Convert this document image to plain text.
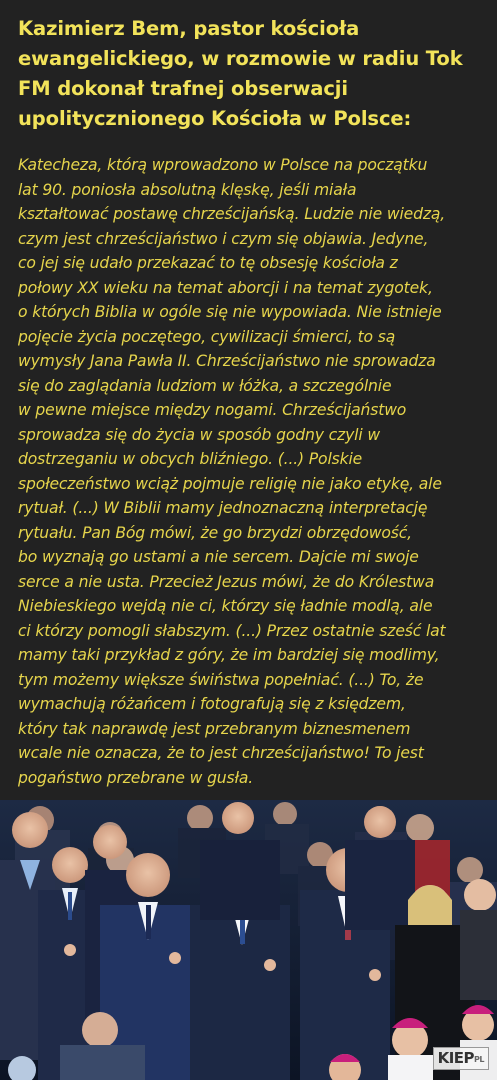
Kazimierz Bem, pastor kościoła ewangelickiego, w rozmowie w radiu Tok FM dokonał trafnej obserwacji upolitycznionego Kościoła w Polsce:

Katecheza, którą wprowadzono w Polsce na początku
lat 90. poniosła absolutną klęskę, jeśli miała
kształtować postawę chrześcijańską. Ludzie nie wiedzą,
czym jest chrześcijaństwo i czym się objawia. Jedyne,
co jej się udało przekazać to tę obsesję kościoła z
połowy XX wieku na temat aborcji i na temat zygotek,
o których Biblia w ogóle się nie wypowiada. Nie istnieje
pojęcie życia poczętego, cywilizacji śmierci, to są
wymysły Jana Pawła II. Chrześcijaństwo nie sprowadza
się do zaglądania ludziom w łóżka, a szczególnie
w pewne miejsce między nogami. Chrześcijaństwo
sprowadza się do życia w sposób godny czyli w
dostrzeganiu w obcych bliźniego. (...) Polskie
społeczeństwo wciąż pojmuje religię nie jako etykę, ale
rytuał. (...) W Biblii mamy jednoznaczną interpretację
rytuału. Pan Bóg mówi, że go brzydzi obrzędowość,
bo wyznają go ustami a nie sercem. Dajcie mi swoje
serce a nie usta. Przecież Jezus mówi, że do Królestwa
Niebieskiego wejdą nie ci, którzy się ładnie modlą, ale
ci którzy pomogli słabszym. (...) Przez ostatnie sześć lat
mamy taki przykład z góry, że im bardziej się modlimy,
tym możemy większe świństwa popełniać. (...) To, że
wymachują różańcem i fotografują się z księdzem,
który tak naprawdę jest przebranym biznesmenem
wcale nie oznacza, że to jest chrześcijaństwo! To jest
pogaństwo przebrane w gusła.

KIEPPL
